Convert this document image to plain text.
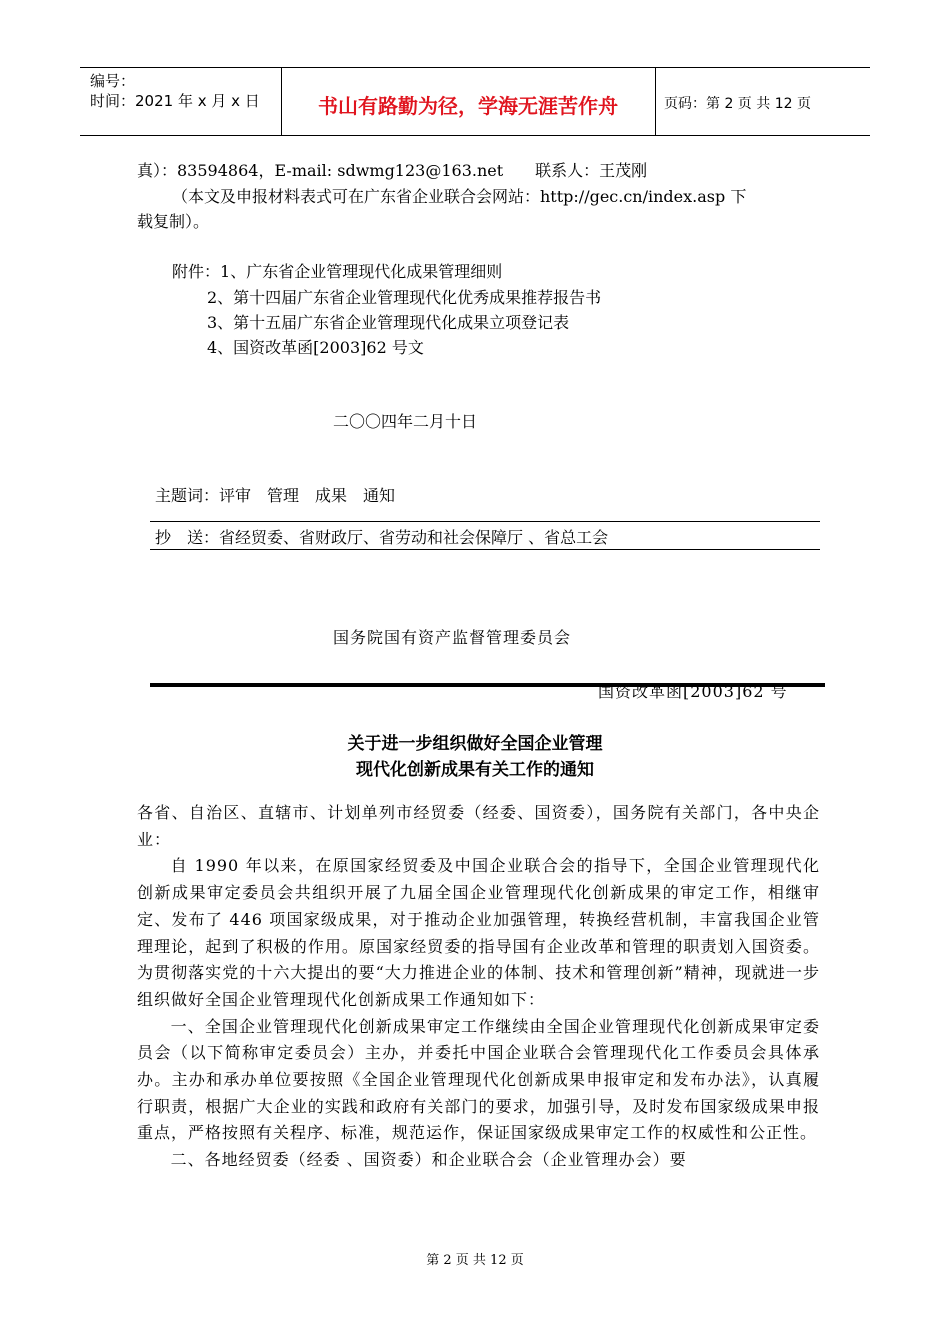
编号：
时间：2021 年 x 月 x 日	书山有路勤为径，学海无涯苦作舟	页码：第 2 页 共 12 页
真）：83594864，E-mail: sdwmg123@163.net　　联系人：王茂刚
（本文及申报材料表式可在广东省企业联合会网站：http://gec.cn/index.asp 下
载复制）。
附件：1、广东省企业管理现代化成果管理细则
2、第十四届广东省企业管理现代化优秀成果推荐报告书
3、第十五届广东省企业管理现代化成果立项登记表
4、国资改革函[2003]62 号文
二〇〇四年二月十日
主题词：评审　管理　成果　通知
抄　送：省经贸委、省财政厅、省劳动和社会保障厅 、省总工会
国务院国有资产监督管理委员会
国资改革函[2003]62 号
关于进一步组织做好全国企业管理
现代化创新成果有关工作的通知

各省、自治区、直辖市、计划单列市经贸委（经委、国资委），国务院有关部门，各中央企业：

自 1990 年以来，在原国家经贸委及中国企业联合会的指导下，全国企业管理现代化创新成果审定委员会共组织开展了九届全国企业管理现代化创新成果的审定工作，相继审定、发布了 446 项国家级成果，对于推动企业加强管理，转换经营机制，丰富我国企业管理理论，起到了积极的作用。原国家经贸委的指导国有企业改革和管理的职责划入国资委。为贯彻落实党的十六大提出的要“大力推进企业的体制、技术和管理创新”精神，现就进一步组织做好全国企业管理现代化创新成果工作通知如下：

一、全国企业管理现代化创新成果审定工作继续由全国企业管理现代化创新成果审定委员会（以下简称审定委员会）主办，并委托中国企业联合会管理现代化工作委员会具体承办。主办和承办单位要按照《全国企业管理现代化创新成果申报审定和发布办法》，认真履行职责，根据广大企业的实践和政府有关部门的要求，加强引导，及时发布国家级成果申报重点，严格按照有关程序、标准，规范运作，保证国家级成果审定工作的权威性和公正性。

二、各地经贸委（经委 、国资委）和企业联合会（企业管理办会）要

第 2 页 共 12 页
